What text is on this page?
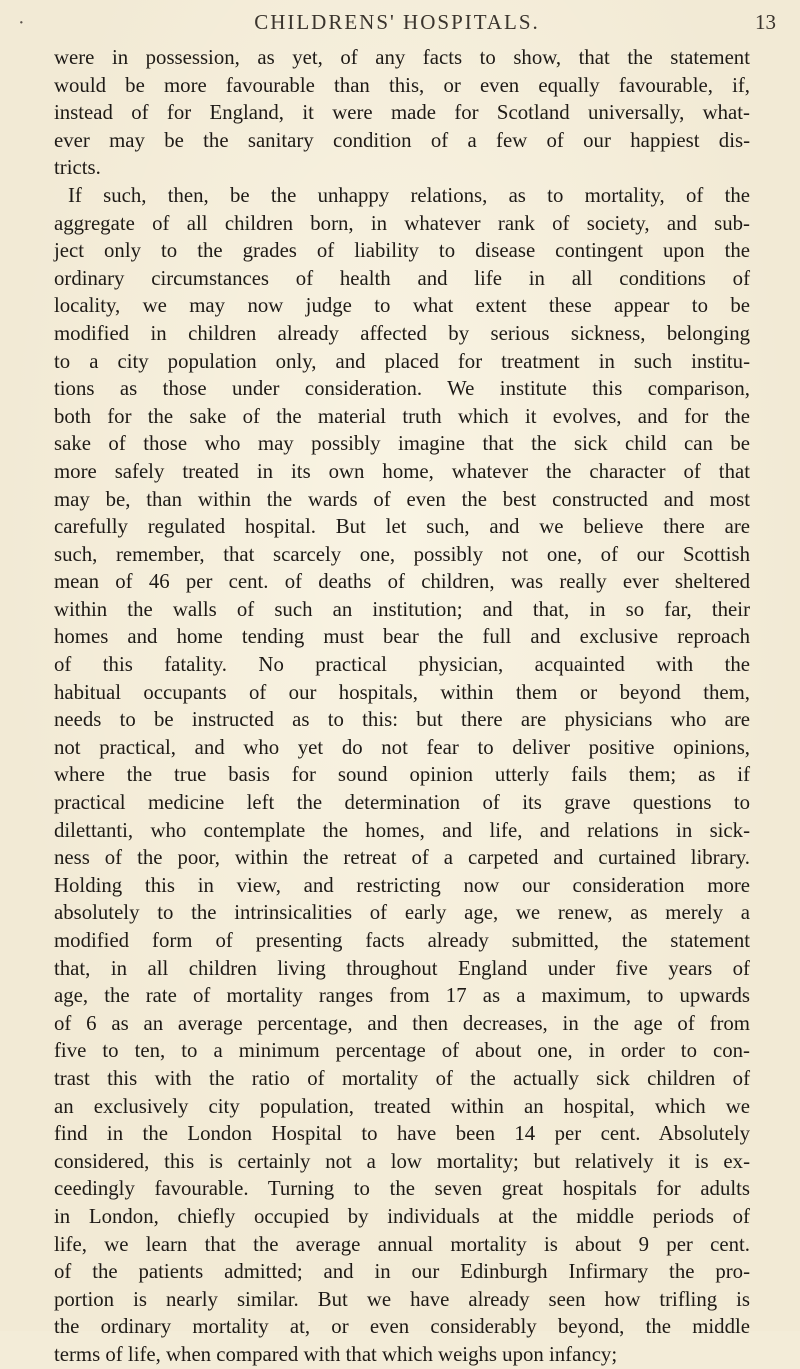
·	CHILDRENS' HOSPITALS.	13
were in possession, as yet, of any facts to show, that the statement
would be more favourable than this, or even equally favourable, if,
instead of for England, it were made for Scotland universally, what-
ever may be the sanitary condition of a few of our happiest dis-
tricts.
If such, then, be the unhappy relations, as to mortality, of the
aggregate of all children born, in whatever rank of society, and sub-
ject only to the grades of liability to disease contingent upon the
ordinary circumstances of health and life in all conditions of
locality, we may now judge to what extent these appear to be
modified in children already affected by serious sickness, belonging
to a city population only, and placed for treatment in such institu-
tions as those under consideration. We institute this comparison,
both for the sake of the material truth which it evolves, and for the
sake of those who may possibly imagine that the sick child can be
more safely treated in its own home, whatever the character of that
may be, than within the wards of even the best constructed and most
carefully regulated hospital. But let such, and we believe there are
such, remember, that scarcely one, possibly not one, of our Scottish
mean of 46 per cent. of deaths of children, was really ever sheltered
within the walls of such an institution; and that, in so far, their
homes and home tending must bear the full and exclusive reproach
of this fatality. No practical physician, acquainted with the
habitual occupants of our hospitals, within them or beyond them,
needs to be instructed as to this: but there are physicians who are
not practical, and who yet do not fear to deliver positive opinions,
where the true basis for sound opinion utterly fails them; as if
practical medicine left the determination of its grave questions to
dilettanti, who contemplate the homes, and life, and relations in sick-
ness of the poor, within the retreat of a carpeted and curtained library.
Holding this in view, and restricting now our consideration more
absolutely to the intrinsicalities of early age, we renew, as merely a
modified form of presenting facts already submitted, the statement
that, in all children living throughout England under five years of
age, the rate of mortality ranges from 17 as a maximum, to upwards
of 6 as an average percentage, and then decreases, in the age of from
five to ten, to a minimum percentage of about one, in order to con-
trast this with the ratio of mortality of the actually sick children of
an exclusively city population, treated within an hospital, which we
find in the London Hospital to have been 14 per cent. Absolutely
considered, this is certainly not a low mortality; but relatively it is ex-
ceedingly favourable. Turning to the seven great hospitals for adults
in London, chiefly occupied by individuals at the middle periods of
life, we learn that the average annual mortality is about 9 per cent.
of the patients admitted; and in our Edinburgh Infirmary the pro-
portion is nearly similar. But we have already seen how trifling is
the ordinary mortality at, or even considerably beyond, the middle
terms of life, when compared with that which weighs upon infancy;
